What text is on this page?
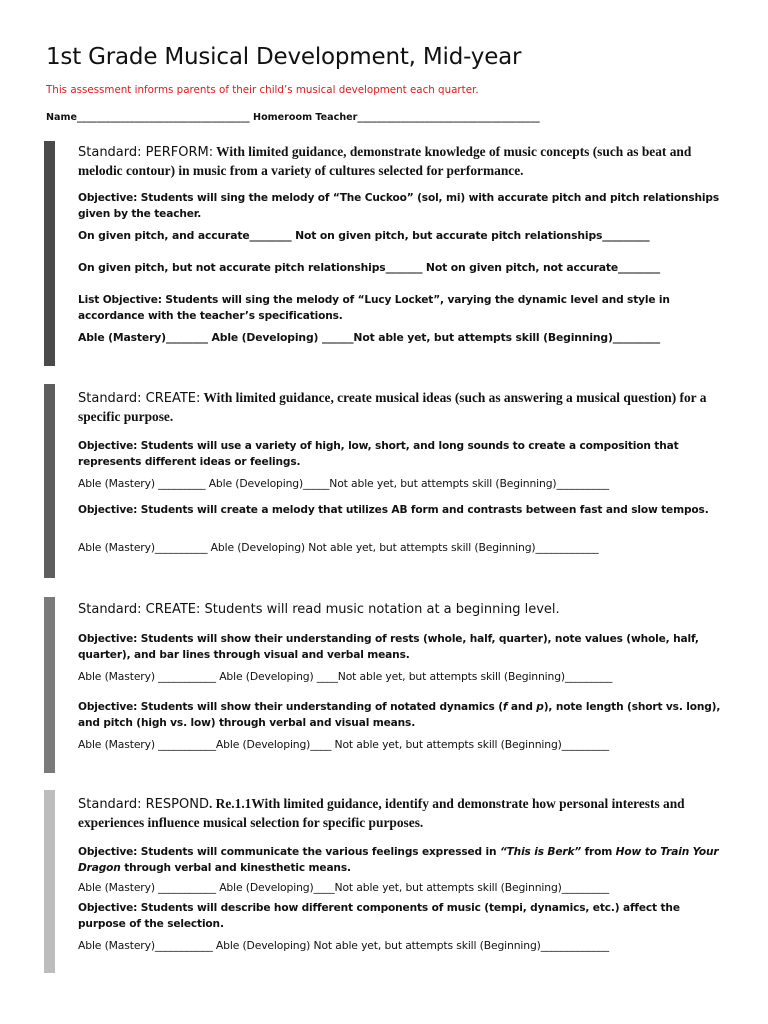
1st Grade Musical Development, Mid-year
This assessment informs parents of their child’s musical development each quarter.
Name____________________________________ Homeroom Teacher______________________________________

Standard: PERFORM: With limited guidance, demonstrate knowledge of music concepts (such as beat and melodic contour) in music from a variety of cultures selected for performance.

Objective: Students will sing the melody of “The Cuckoo” (sol, mi) with accurate pitch and pitch relationships given by the teacher.

On given pitch, and accurate________ Not on given pitch, but accurate pitch relationships_________

On given pitch, but not accurate pitch relationships_______ Not on given pitch, not accurate________

List Objective: Students will sing the melody of “Lucy Locket”, varying the dynamic level and style in accordance with the teacher’s specifications.

Able (Mastery)________ Able (Developing) ______Not able yet, but attempts skill (Beginning)_________

Standard: CREATE: With limited guidance, create musical ideas (such as answering a musical question) for a specific purpose.

Objective: Students will use a variety of high, low, short, and long sounds to create a composition that represents different ideas or feelings.

Able (Mastery) _________ Able (Developing)_____Not able yet, but attempts skill (Beginning)__________

Objective: Students will create a melody that utilizes AB form and contrasts between fast and slow tempos.

Able (Mastery)__________ Able (Developing) Not able yet, but attempts skill (Beginning)____________

Standard: CREATE: Students will read music notation at a beginning level.

Objective: Students will show their understanding of rests (whole, half, quarter), note values (whole, half, quarter), and bar lines through visual and verbal means.

Able (Mastery) ___________ Able (Developing) ____Not able yet, but attempts skill (Beginning)_________

Objective: Students will show their understanding of notated dynamics (f and p), note length (short vs. long), and pitch (high vs. low) through verbal and visual means.

Able (Mastery) ___________Able (Developing)____ Not able yet, but attempts skill (Beginning)_________

Standard: RESPOND. Re.1.1With limited guidance, identify and demonstrate how personal interests and experiences influence musical selection for specific purposes.

Objective: Students will communicate the various feelings expressed in “This is Berk” from How to Train Your Dragon through verbal and kinesthetic means.

Able (Mastery) ___________ Able (Developing)____Not able yet, but attempts skill (Beginning)_________

Objective: Students will describe how different components of music (tempi, dynamics, etc.) affect the purpose of the selection.

Able (Mastery)___________ Able (Developing) Not able yet, but attempts skill (Beginning)_____________
